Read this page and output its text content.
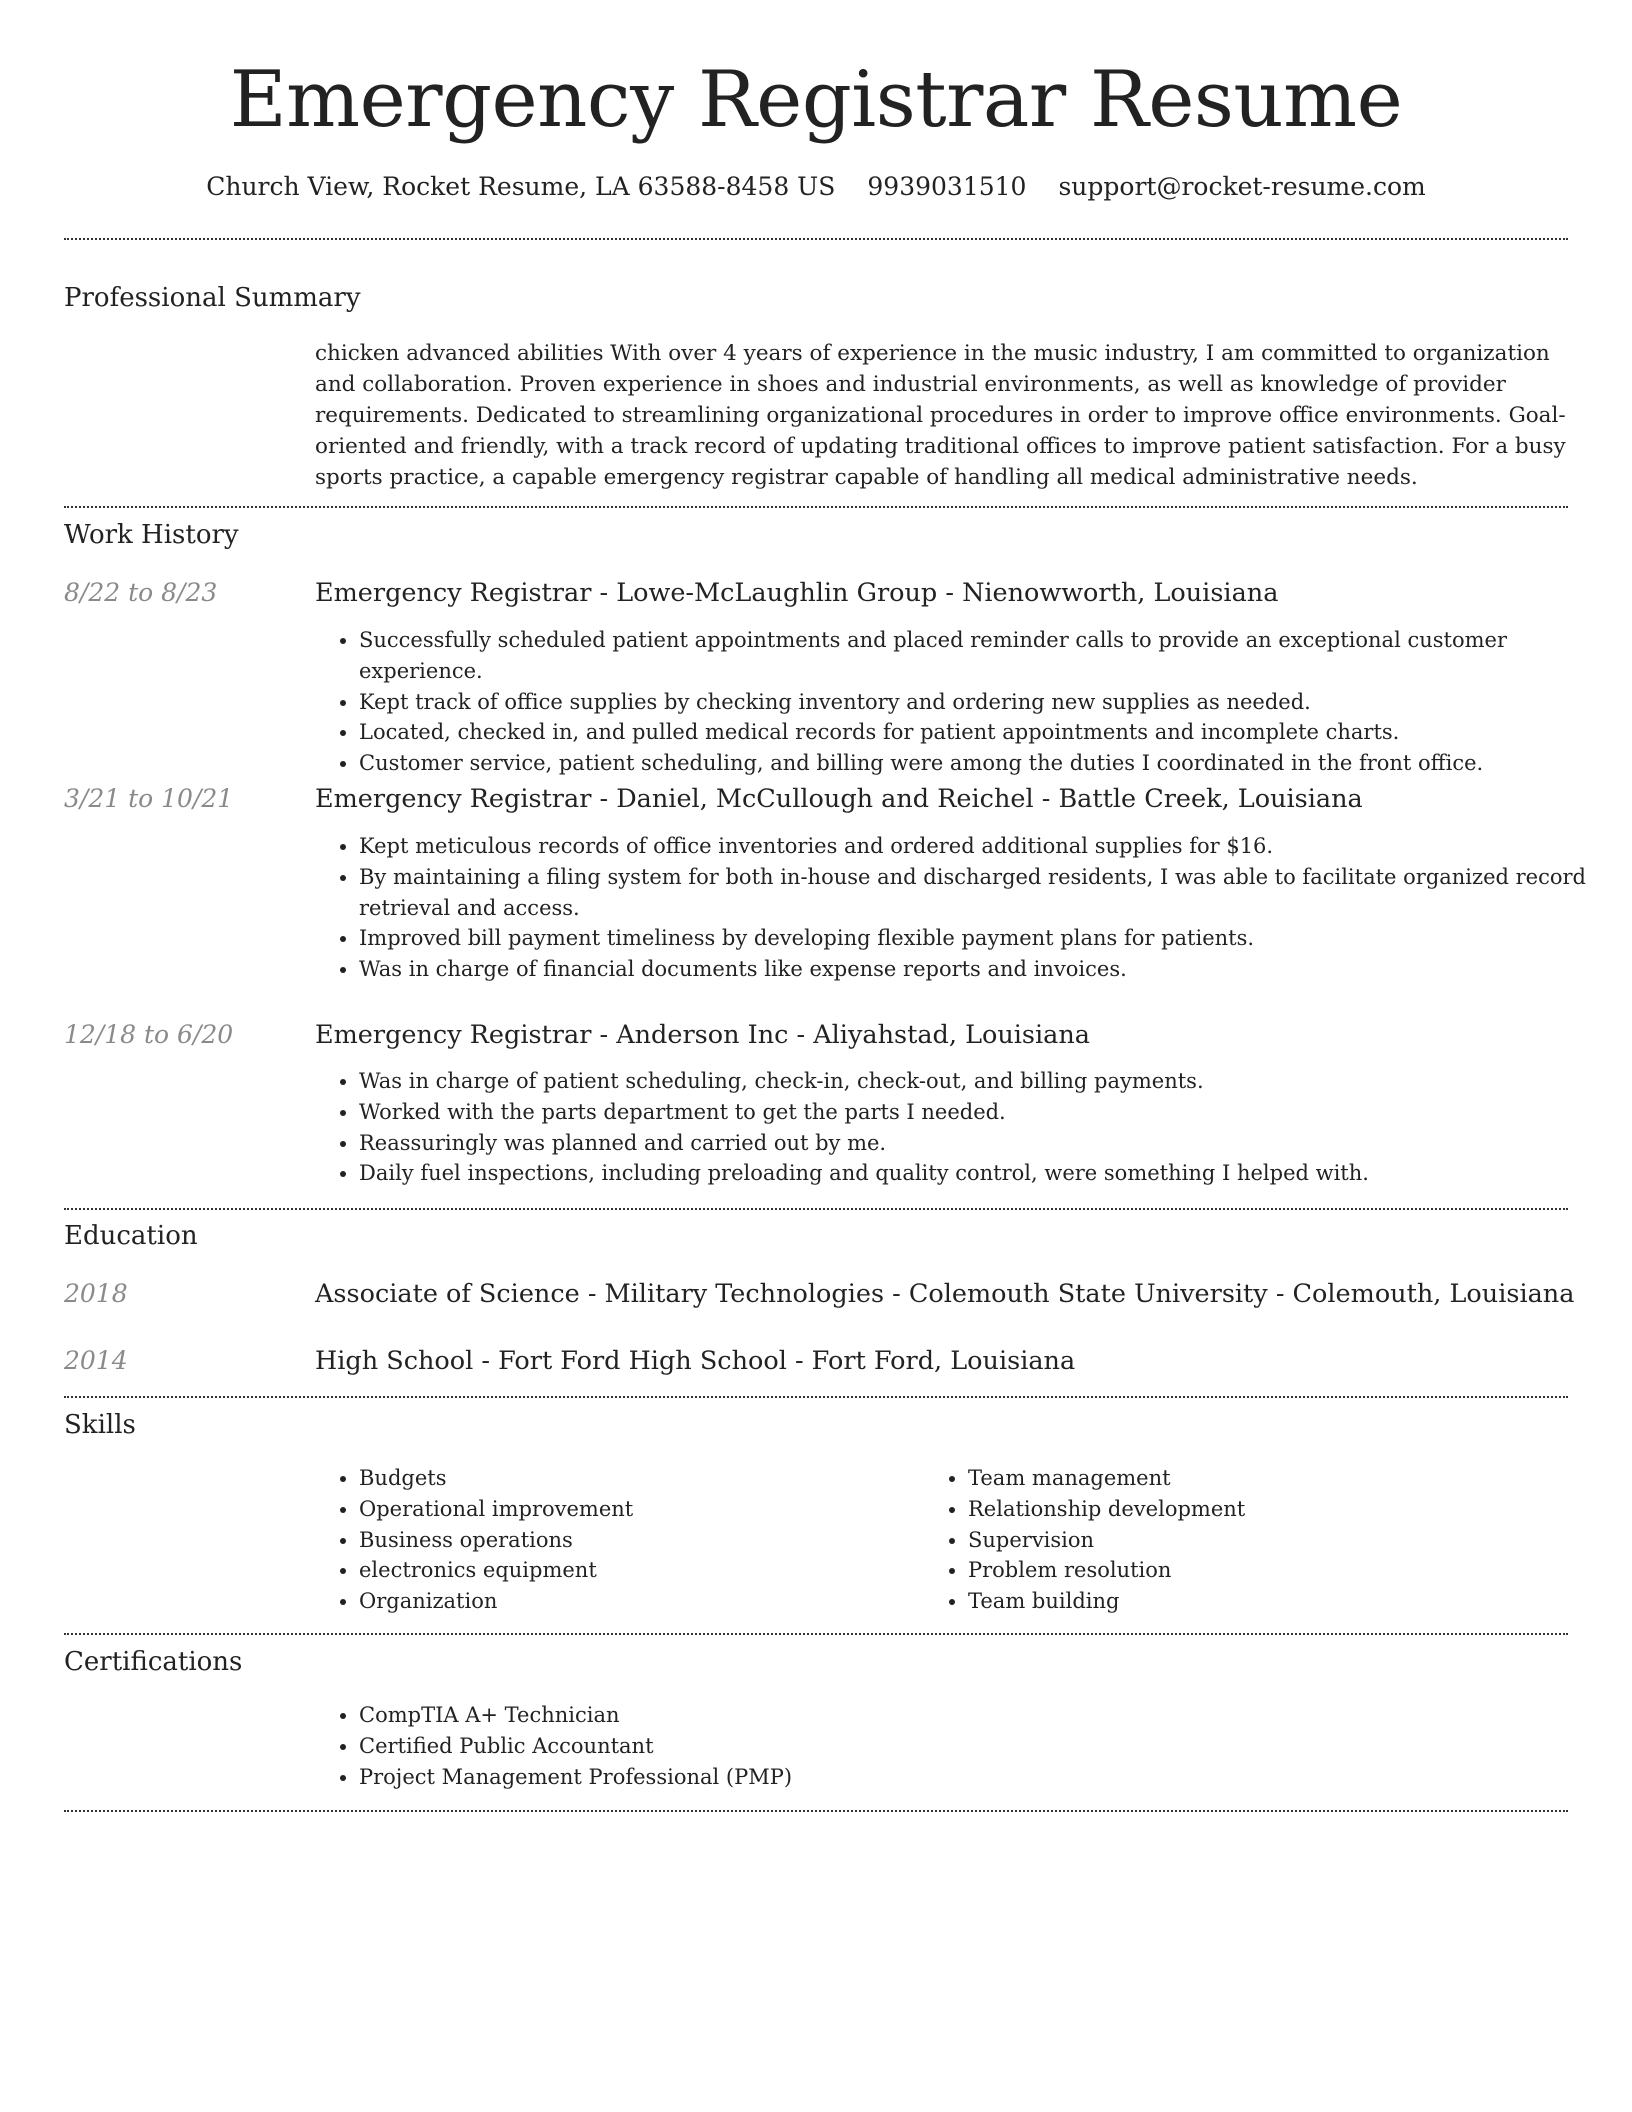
Emergency Registrar Resume
Church View, Rocket Resume, LA 63588-8458 US 9939031510 support@rocket-resume.com
Professional Summary

chicken advanced abilities With over 4 years of experience in the music industry, I am committed to organization and collaboration. Proven experience in shoes and industrial environments, as well as knowledge of provider requirements. Dedicated to streamlining organizational procedures in order to improve office environments. Goal-oriented and friendly, with a track record of updating traditional offices to improve patient satisfaction. For a busy sports practice, a capable emergency registrar capable of handling all medical administrative needs.

Work History
8/22 to 8/23	Emergency Registrar - Lowe-McLaughlin Group - Nienowworth, Louisiana
• Successfully scheduled patient appointments and placed reminder calls to provide an exceptional customer experience.
• Kept track of office supplies by checking inventory and ordering new supplies as needed.
• Located, checked in, and pulled medical records for patient appointments and incomplete charts.
• Customer service, patient scheduling, and billing were among the duties I coordinated in the front office.
3/21 to 10/21	Emergency Registrar - Daniel, McCullough and Reichel - Battle Creek, Louisiana
• Kept meticulous records of office inventories and ordered additional supplies for $16.
• By maintaining a filing system for both in-house and discharged residents, I was able to facilitate organized record retrieval and access.
• Improved bill payment timeliness by developing flexible payment plans for patients.
• Was in charge of financial documents like expense reports and invoices.
12/18 to 6/20	Emergency Registrar - Anderson Inc - Aliyahstad, Louisiana
• Was in charge of patient scheduling, check-in, check-out, and billing payments.
• Worked with the parts department to get the parts I needed.
• Reassuringly was planned and carried out by me.
• Daily fuel inspections, including preloading and quality control, were something I helped with.
Education
2018	Associate of Science - Military Technologies - Colemouth State University - Colemouth, Louisiana
2014	High School - Fort Ford High School - Fort Ford, Louisiana
Skills
• Budgets
• Operational improvement
• Business operations
• electronics equipment
• Organization
• Team management
• Relationship development
• Supervision
• Problem resolution
• Team building
Certifications
• CompTIA A+ Technician
• Certified Public Accountant
• Project Management Professional (PMP)
